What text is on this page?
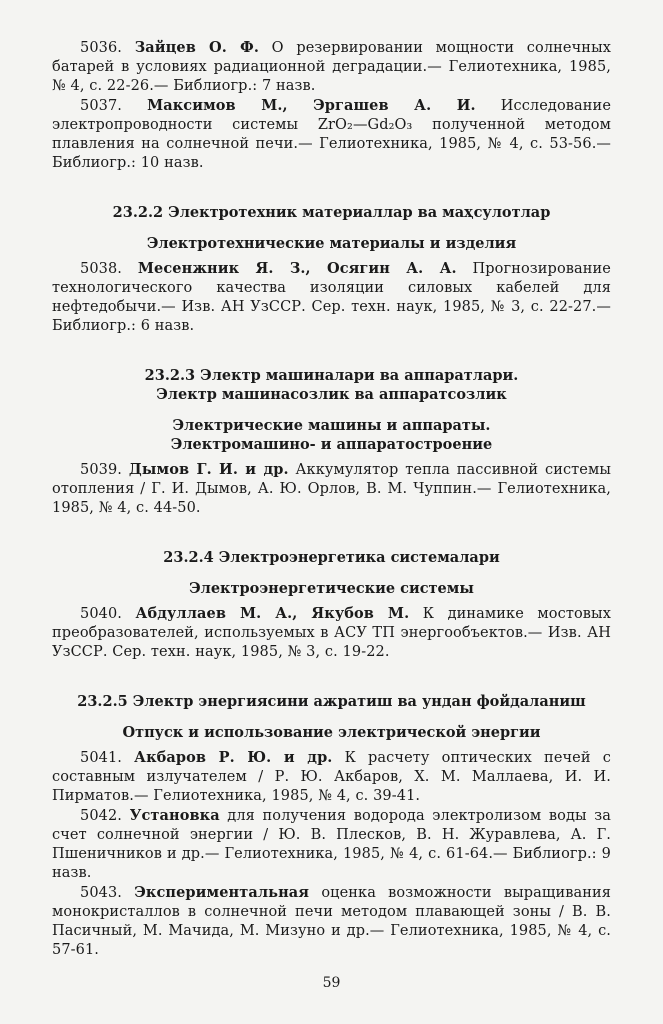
5036. Зайцев О. Ф. О резервировании мощности солнечных батарей в условиях радиационной деградации.— Гелиотехника, 1985, № 4, с. 22-26.— Библиогр.: 7 назв.

5037. Максимов М., Эргашев А. И. Исследование электропроводности системы ZrO₂—Gd₂O₃ полученной методом плавления на солнечной печи.— Гелиотехника, 1985, № 4, с. 53-56.— Библиогр.: 10 назв.

23.2.2 Электротехник материаллар ва маҳсулотлар

Электротехнические материалы и изделия

5038. Месенжник Я. З., Осягин А. А. Прогнозирование технологического качества изоляции силовых кабелей для нефтедобычи.— Изв. АН УзССР. Сер. техн. наук, 1985, № 3, с. 22-27.— Библиогр.: 6 назв.

23.2.3 Электр машиналари ва аппаратлари.

Электр машинасозлик ва аппаратсозлик

Электрические машины и аппараты.

Электромашино- и аппаратостроение

5039. Дымов Г. И. и др. Аккумулятор тепла пассивной системы отопления / Г. И. Дымов, А. Ю. Орлов, В. М. Чуппин.— Гелиотехника, 1985, № 4, с. 44-50.

23.2.4 Электроэнергетика системалари

Электроэнергетические системы

5040. Абдуллаев М. А., Якубов М. К динамике мостовых преобразователей, используемых в АСУ ТП энергообъектов.— Изв. АН УзССР. Сер. техн. наук, 1985, № 3, с. 19-22.

23.2.5 Электр энергиясини ажратиш ва ундан фойдаланиш

Отпуск и использование электрической энергии

5041. Акбаров Р. Ю. и др. К расчету оптических печей с составным излучателем / Р. Ю. Акбаров, Х. М. Маллаева, И. И. Пирматов.— Гелиотехника, 1985, № 4, с. 39-41.

5042. Установка для получения водорода электролизом воды за счет солнечной энергии / Ю. В. Плесков, В. Н. Журавлева, А. Г. Пшеничников и др.— Гелиотехника, 1985, № 4, с. 61-64.— Библиогр.: 9 назв.

5043. Экспериментальная оценка возможности выращивания монокристаллов в солнечной печи методом плавающей зоны / В. В. Пасичный, М. Мачида, М. Мизуно и др.— Гелиотехника, 1985, № 4, с. 57-61.

59
